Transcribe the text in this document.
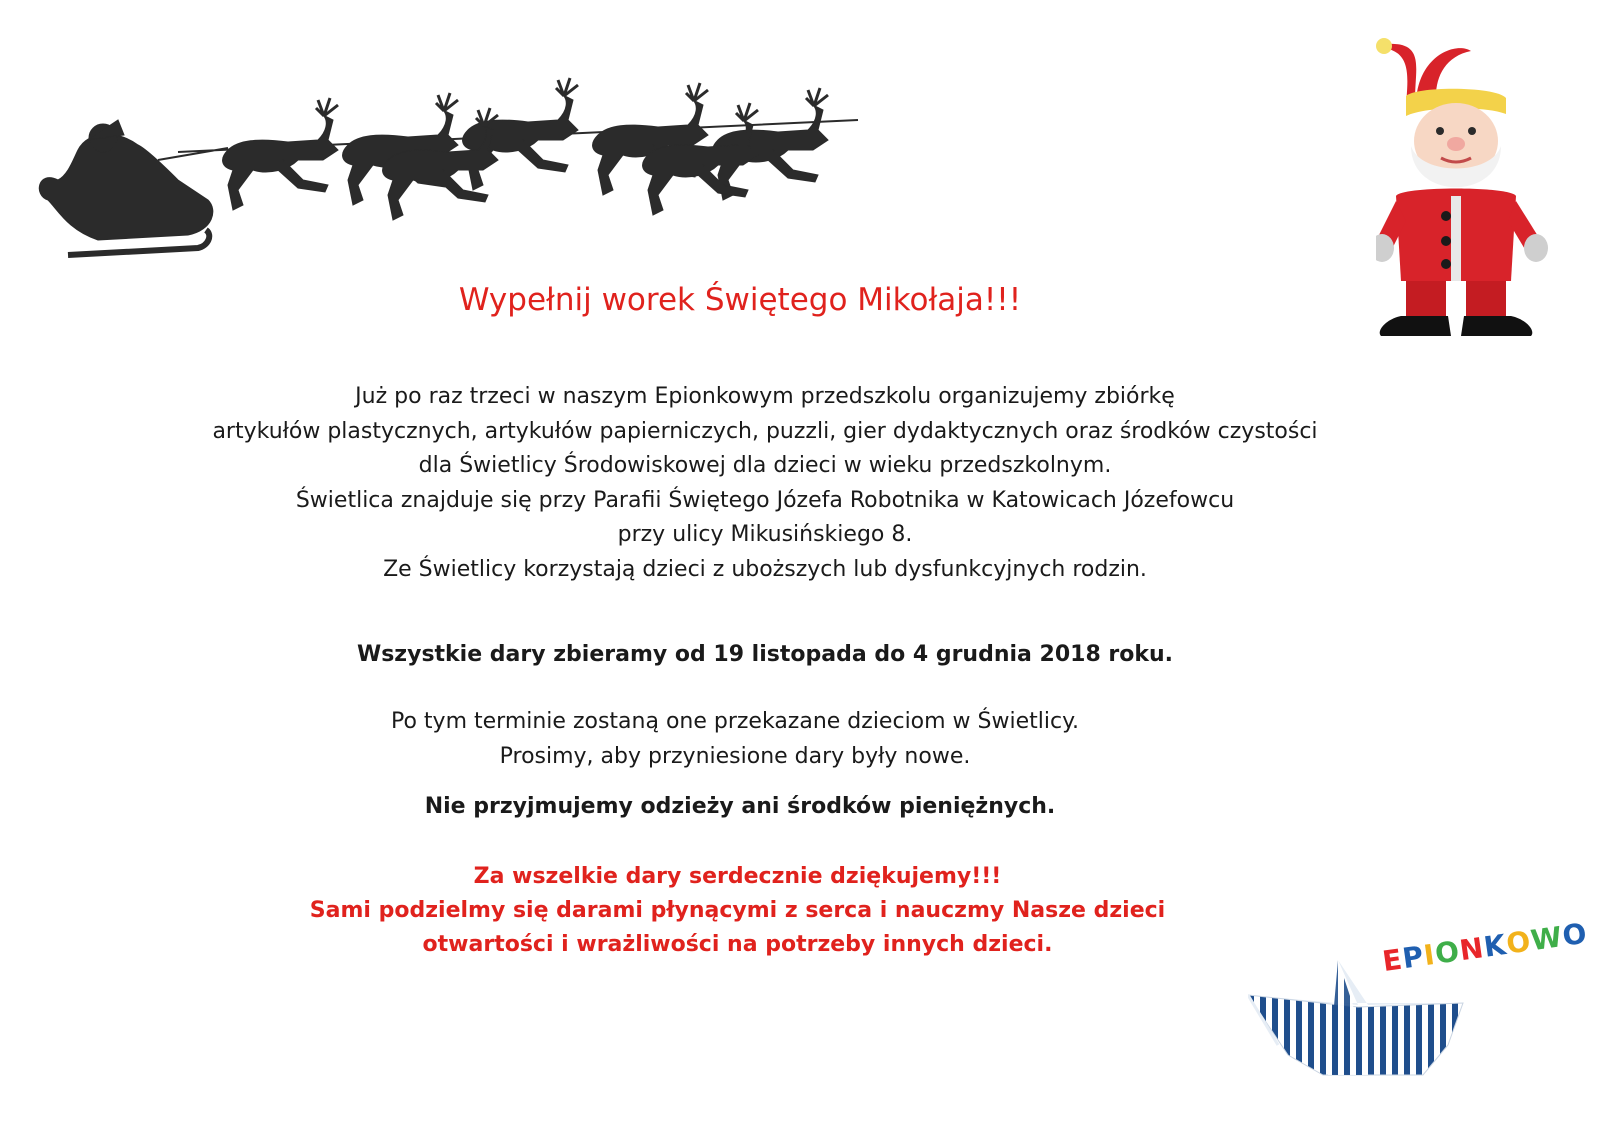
Wypełnij worek Świętego Mikołaja!!!
Już po raz trzeci w naszym Epionkowym przedszkolu organizujemy zbiórkę
artykułów plastycznych, artykułów papierniczych, puzzli, gier dydaktycznych oraz środków czystości
dla Świetlicy Środowiskowej dla dzieci w wieku przedszkolnym.
Świetlica znajduje się przy Parafii Świętego Józefa Robotnika w Katowicach Józefowcu
przy ulicy Mikusińskiego 8.
Ze Świetlicy korzystają dzieci z uboższych lub dysfunkcyjnych rodzin.
Wszystkie dary zbieramy od 19 listopada do 4 grudnia 2018 roku.
Po tym terminie zostaną one przekazane dzieciom w Świetlicy.
Prosimy, aby przyniesione dary były nowe.
Nie przyjmujemy odzieży ani środków pieniężnych.
Za wszelkie dary serdecznie dziękujemy!!!
Sami podzielmy się darami płynącymi z serca i nauczmy Nasze dzieci
otwartości i wrażliwości na potrzeby innych dzieci.	EPIONKOWO
